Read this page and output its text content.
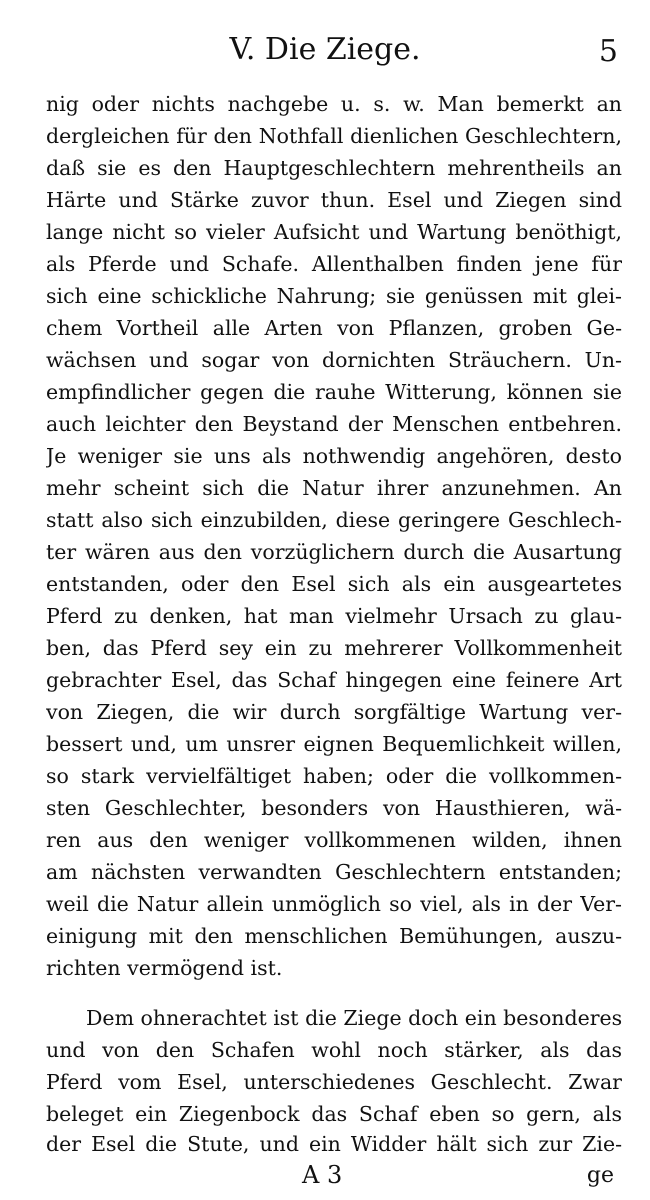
V. Die Ziege.	5
nig oder nichts nachgebe u. s. w. Man bemerkt an
dergleichen für den Nothfall dienlichen Geschlechtern,
daß sie es den Hauptgeschlechtern mehrentheils an
Härte und Stärke zuvor thun. Esel und Ziegen sind
lange nicht so vieler Aufsicht und Wartung benöthigt,
als Pferde und Schafe. Allenthalben finden jene für
sich eine schickliche Nahrung; sie genüssen mit glei-
chem Vortheil alle Arten von Pflanzen, groben Ge-
wächsen und sogar von dornichten Sträuchern. Un-
empfindlicher gegen die rauhe Witterung, können sie
auch leichter den Beystand der Menschen entbehren.
Je weniger sie uns als nothwendig angehören, desto
mehr scheint sich die Natur ihrer anzunehmen. An
statt also sich einzubilden, diese geringere Geschlech-
ter wären aus den vorzüglichern durch die Ausartung
entstanden, oder den Esel sich als ein ausgeartetes
Pferd zu denken, hat man vielmehr Ursach zu glau-
ben, das Pferd sey ein zu mehrerer Vollkommenheit
gebrachter Esel, das Schaf hingegen eine feinere Art
von Ziegen, die wir durch sorgfältige Wartung ver-
bessert und, um unsrer eignen Bequemlichkeit willen,
so stark vervielfältiget haben; oder die vollkommen-
sten Geschlechter, besonders von Hausthieren, wä-
ren aus den weniger vollkommenen wilden, ihnen
am nächsten verwandten Geschlechtern entstanden;
weil die Natur allein unmöglich so viel, als in der Ver-
einigung mit den menschlichen Bemühungen, auszu-
richten vermögend ist.
Dem ohnerachtet ist die Ziege doch ein besonderes
und von den Schafen wohl noch stärker, als das
Pferd vom Esel, unterschiedenes Geschlecht. Zwar
beleget ein Ziegenbock das Schaf eben so gern, als
der Esel die Stute, und ein Widder hält sich zur Zie-
A 3	ge
